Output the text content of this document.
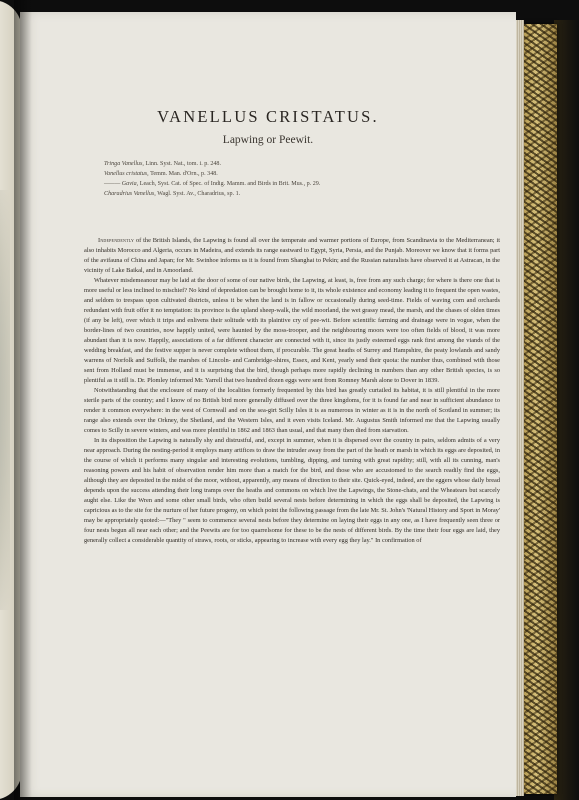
VANELLUS CRISTATUS.
Lapwing or Peewit.
Tringa Vanellus, Linn. Syst. Nat., tom. i. p. 248.
Vanellus cristatus, Temm. Man. d'Orn., p. 348.
——— Gavia, Leach, Syst. Cat. of Spec. of Indig. Mamm. and Birds in Brit. Mus., p. 29.
Charadrius Vanellus, Wagl. Syst. Av., Charadrius, sp. 1.

Independently of the British Islands, the Lapwing is found all over the temperate and warmer portions of Europe, from Scandinavia to the Mediterranean; it also inhabits Morocco and Algeria, occurs in Madeira, and extends its range eastward to Egypt, Syria, Persia, and the Punjab. Moreover we know that it forms part of the avifauna of China and Japan; for Mr. Swinhoe informs us it is found from Shanghai to Pekin; and the Russian naturalists have observed it at Astracan, in the vicinity of Lake Baikal, and in Amoorland.

Whatever misdemeanour may be laid at the door of some of our native birds, the Lapwing, at least, is, free from any such charge; for where is there one that is more useful or less inclined to mischief? No kind of depredation can be brought home to it, its whole existence and economy leading it to frequent the open wastes, and seldom to trespass upon cultivated districts, unless it be when the land is in fallow or occasionally during seed-time. Fields of waving corn and orchards redundant with fruit offer it no temptation: its province is the upland sheep-walk, the wild moorland, the wet grassy mead, the marsh, and the chases of olden times (if any be left), over which it trips and enlivens their solitude with its plaintive cry of pee-wit. Before scientific farming and drainage were in vogue, when the border-lines of two countries, now happily united, were haunted by the moss-trooper, and the neighbouring moors were too often fields of blood, it was more abundant than it is now. Happily, associations of a far different character are connected with it, since its justly esteemed eggs rank first among the viands of the wedding breakfast, and the festive supper is never complete without them, if procurable. The great heaths of Surrey and Hampshire, the peaty lowlands and sandy warrens of Norfolk and Suffolk, the marshes of Lincoln- and Cambridge-shires, Essex, and Kent, yearly send their quota: the number thus, combined with those sent from Holland must be immense, and it is surprising that the bird, though perhaps more rapidly declining in numbers than any other British species, is so plentiful as it still is. Dr. Plomley informed Mr. Yarrell that two hundred dozen eggs were sent from Romney Marsh alone to Dover in 1839.

Notwithstanding that the enclosure of many of the localities formerly frequented by this bird has greatly curtailed its habitat, it is still plentiful in the more sterile parts of the country; and I know of no British bird more generally diffused over the three kingdoms, for it is found far and near in sufficient abundance to render it common everywhere: in the west of Cornwall and on the sea-girt Scilly Isles it is as numerous in winter as it is in the north of Scotland in summer; its range also extends over the Orkney, the Shetland, and the Western Isles, and it even visits Iceland. Mr. Augustus Smith informed me that the Lapwing usually comes to Scilly in severe winters, and was more plentiful in 1862 and 1863 than usual, and that many then died from starvation.

In its disposition the Lapwing is naturally shy and distrustful, and, except in summer, when it is dispersed over the country in pairs, seldom admits of a very near approach. During the nesting-period it employs many artifices to draw the intruder away from the part of the heath or marsh in which its eggs are deposited, in the course of which it performs many singular and interesting evolutions, tumbling, dipping, and turning with great rapidity; still, with all its cunning, man's reasoning powers and his habit of observation render him more than a match for the bird, and those who are accustomed to the search readily find the eggs, although they are deposited in the midst of the moor, without, apparently, any means of direction to their site. Quick-eyed, indeed, are the eggers whose daily bread depends upon the success attending their long tramps over the heaths and commons on which live the Lapwings, the Stone-chats, and the Wheatears but scarcely aught else. Like the Wren and some other small birds, who often build several nests before determining in which the eggs shall be deposited, the Lapwing is capricious as to the site for the nurture of her future progeny, on which point the following passage from the late Mr. St. John's 'Natural History and Sport in Moray' may be appropriately quoted:—"They " seem to commence several nests before they determine on laying their eggs in any one, as I have frequently seen three or four nests begun all near each other; and the Peewits are for too quarrelsome for these to be the nests of different birds. By the time their four eggs are laid, they generally collect a considerable quantity of straws, roots, or sticks, appearing to increase with every egg they lay." In confirmation of
